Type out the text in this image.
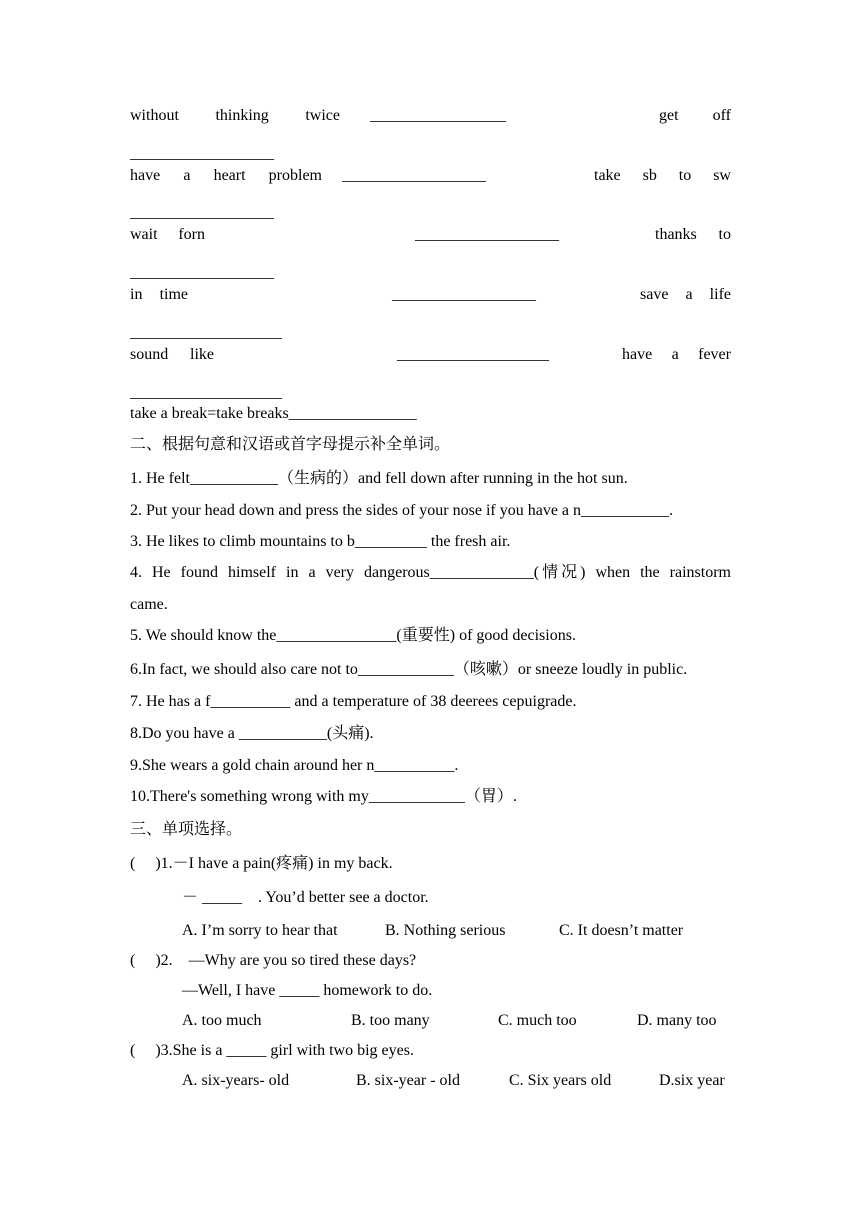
without thinking twice _________________	get off
__________________
have a heart problem __________________	take sb to sw
__________________
wait forn	__________________	thanks to
__________________
in time	__________________	save a life
___________________
sound like	___________________	have a fever
___________________
take a break=take breaks________________
二、根据句意和汉语或首字母提示补全单词。
1. He felt___________（生病的）and fell down after running in the hot sun.
2. Put your head down and press the sides of your nose if you have a n___________.
3. He likes to climb mountains to b_________ the fresh air.
4. He found himself in a very dangerous_____________(情况) when the rainstorm
came.
5. We should know the_______________(重要性) of good decisions.
6.In fact, we should also care not to____________（咳嗽）or sneeze loudly in public.
7. He has a f__________ and a temperature of 38 deerees cepuigrade.
8.Do you have a ___________(头痛).
9.She wears a gold chain around her n__________.
10.There's something wrong with my____________（胃）.
三、单项选择。
(     )1.－I have a pain(疼痛) in my back.
－ _____    . You’d better see a doctor.
A. I’m sorry to hear that	B. Nothing serious	C. It doesn’t matter
(     )2.    —Why are you so tired these days?
—Well, I have _____ homework to do.
A. too much	B. too many	C. much too	D. many too
(     )3.She is a _____ girl with two big eyes.
A. six-years- old	B. six-year - old	C. Six years old	D.six year
